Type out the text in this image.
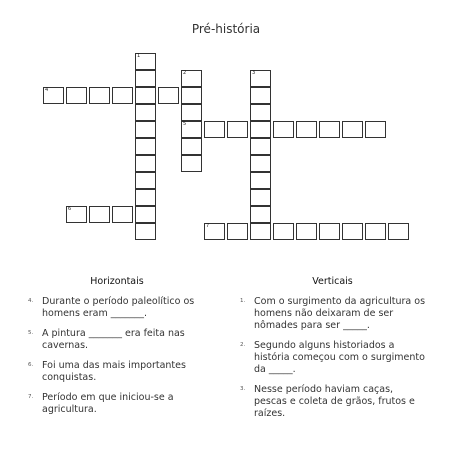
Pré-história
1
2	3
4
5
6
7
Horizontais
4. Durante o período paleolítico os homens eram _______.
5. A pintura _______ era feita nas cavernas.
6. Foi uma das mais importantes conquistas.
7. Período em que iniciou-se a agricultura.
Verticais
1. Com o surgimento da agricultura os homens não deixaram de ser nômades para ser _____.
2. Segundo alguns historiados a história começou com o surgimento da _____.
3. Nesse período haviam caças, pescas e coleta de grãos, frutos e raízes.
